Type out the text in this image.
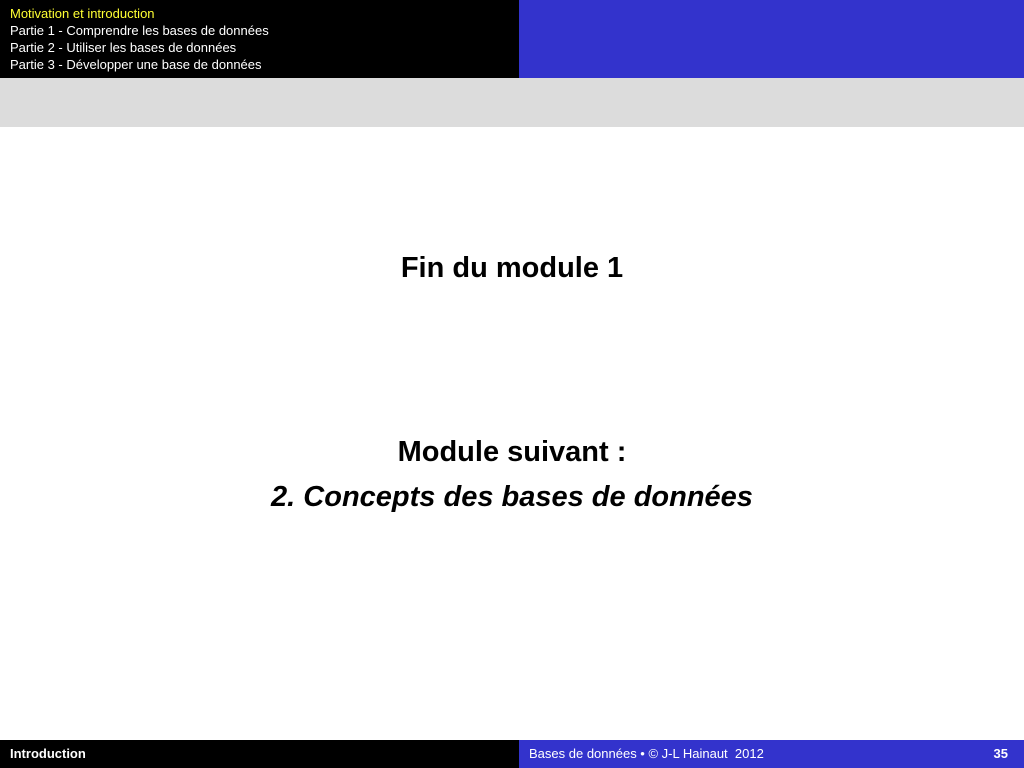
Motivation et introduction
Partie 1 - Comprendre les bases de données
Partie 2 - Utiliser les bases de données
Partie 3 - Développer une base de données
Fin du module 1
Module suivant :
2. Concepts des bases de données
Introduction	Bases de données • © J-L Hainaut  2012	35
